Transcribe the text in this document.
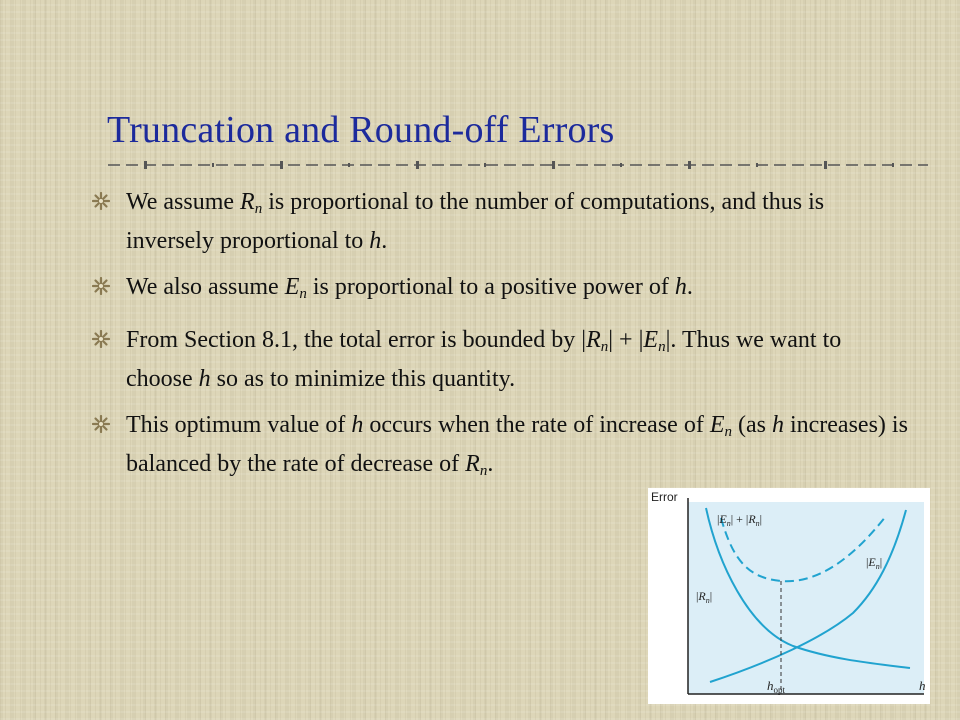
Truncation and Round-off Errors
We assume $R_n$ is proportional to the number of computations, and thus is inversely proportional to h.
We also assume $E_n$ is proportional to a positive power of h.
From Section 8.1, the total error is bounded by $|R_n| + |E_n|$. Thus we want to choose h so as to minimize this quantity.
This optimum value of h occurs when the rate of increase of $E_n$ (as h increases) is balanced by the rate of decrease of $R_n$.
Error
h
$h_{opt}$
$|E_n| + |R_n|$
$|E_n|$
$|R_n|$
